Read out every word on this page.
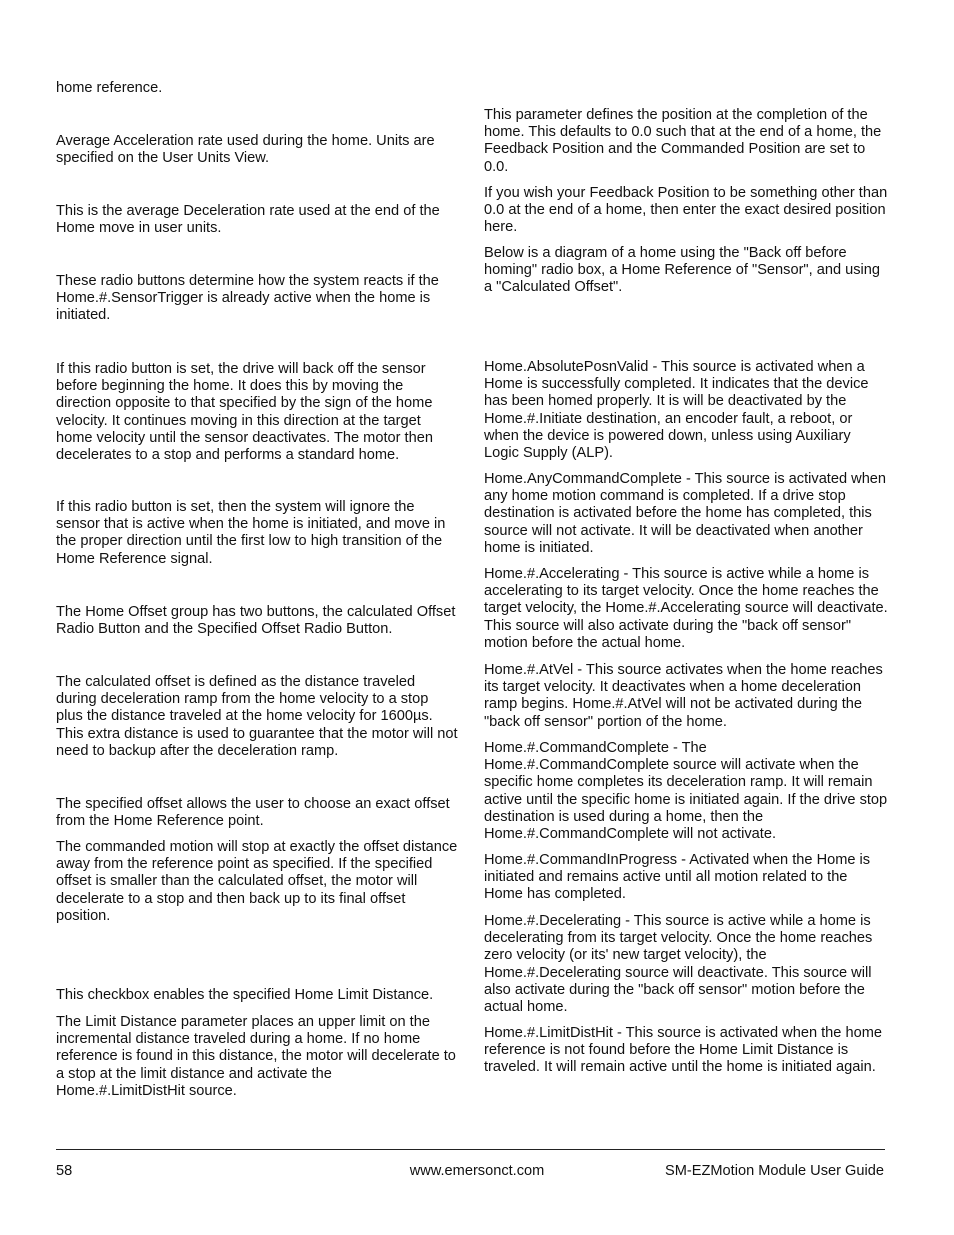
home reference.

Average Acceleration rate used during the home. Units are specified on the User Units View.

This is the average Deceleration rate used at the end of the Home move in user units.

These radio buttons determine how the system reacts if the Home.#.SensorTrigger is already active when the home is initiated.

If this radio button is set, the drive will back off the sensor before beginning the home. It does this by moving the direction opposite to that specified by the sign of the home velocity. It continues moving in this direction at the target home velocity until the sensor deactivates. The motor then decelerates to a stop and performs a standard home.

If this radio button is set, then the system will ignore the sensor that is active when the home is initiated, and move in the proper direction until the first low to high transition of the Home Reference signal.

The Home Offset group has two buttons, the calculated Offset Radio Button and the Specified Offset Radio Button.

The calculated offset is defined as the distance traveled during deceleration ramp from the home velocity to a stop plus the distance traveled at the home velocity for 1600µs. This extra distance is used to guarantee that the motor will not need to backup after the deceleration ramp.

The specified offset allows the user to choose an exact offset from the Home Reference point.

The commanded motion will stop at exactly the offset distance away from the reference point as specified. If the specified offset is smaller than the calculated offset, the motor will decelerate to a stop and then back up to its final offset position.

This checkbox enables the specified Home Limit Distance.

The Limit Distance parameter places an upper limit on the incremental distance traveled during a home. If no home reference is found in this distance, the motor will decelerate to a stop at the limit distance and activate the Home.#.LimitDistHit source.

This parameter defines the position at the completion of the home. This defaults to 0.0 such that at the end of a home, the Feedback Position and the Commanded Position are set to 0.0.

If you wish your Feedback Position to be something other than 0.0 at the end of a home, then enter the exact desired position here.

Below is a diagram of a home using the "Back off before homing" radio box, a Home Reference of "Sensor", and using a "Calculated Offset".

Home.AbsolutePosnValid - This source is activated when a Home is successfully completed. It indicates that the device has been homed properly. It is will be deactivated by the Home.#.Initiate destination, an encoder fault, a reboot, or when the device is powered down, unless using Auxiliary Logic Supply (ALP).

Home.AnyCommandComplete - This source is activated when any home motion command is completed. If a drive stop destination is activated before the home has completed, this source will not activate. It will be deactivated when another home is initiated.

Home.#.Accelerating - This source is active while a home is accelerating to its target velocity. Once the home reaches the target velocity, the Home.#.Accelerating source will deactivate. This source will also activate during the "back off sensor" motion before the actual home.

Home.#.AtVel - This source activates when the home reaches its target velocity. It deactivates when a home deceleration ramp begins. Home.#.AtVel will not be activated during the "back off sensor" portion of the home.

Home.#.CommandComplete - The Home.#.CommandComplete source will activate when the specific home completes its deceleration ramp. It will remain active until the specific home is initiated again. If the drive stop destination is used during a home, then the Home.#.CommandComplete will not activate.

Home.#.CommandInProgress - Activated when the Home is initiated and remains active until all motion related to the Home has completed.

Home.#.Decelerating - This source is active while a home is decelerating from its target velocity. Once the home reaches zero velocity (or its' new target velocity), the Home.#.Decelerating source will deactivate. This source will also activate during the "back off sensor" motion before the actual home.

Home.#.LimitDistHit - This source is activated when the home reference is not found before the Home Limit Distance is traveled. It will remain active until the home is initiated again.

58	www.emersonct.com	SM-EZMotion Module User Guide
